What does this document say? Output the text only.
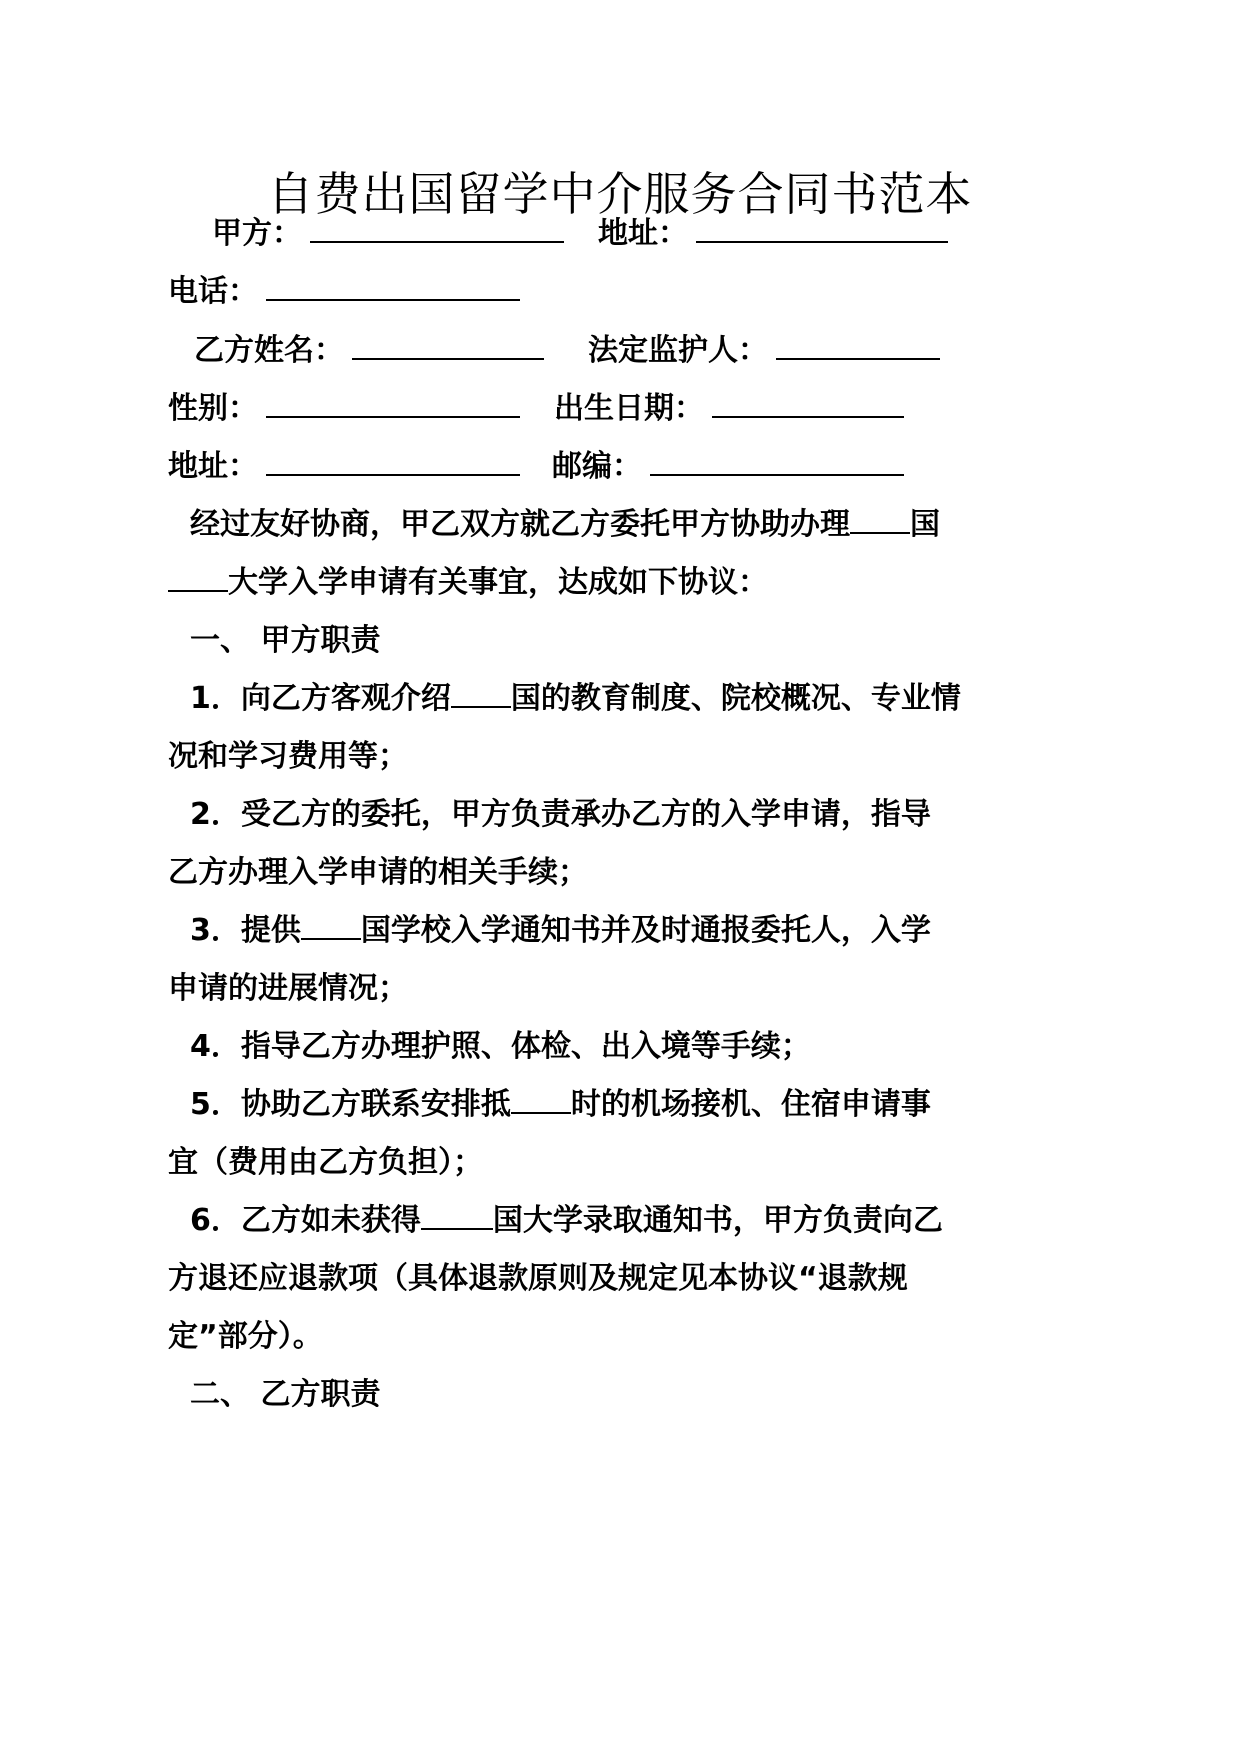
自费出国留学中介服务合同书范本
甲方：	地址：
电话：
乙方姓名：	法定监护人：
性别：	出生日期：
地址：	邮编：
经过友好协商，甲乙双方就乙方委托甲方协助办理 国
大学入学申请有关事宜，达成如下协议：
一、 甲方职责
1．向乙方客观介绍 国的教育制度、院校概况、专业情
况和学习费用等；
2．受乙方的委托，甲方负责承办乙方的入学申请，指导
乙方办理入学申请的相关手续；
3．提供 国学校入学通知书并及时通报委托人，入学
申请的进展情况；
4．指导乙方办理护照、体检、出入境等手续；
5．协助乙方联系安排抵 时的机场接机、住宿申请事
宜（费用由乙方负担）；
6．乙方如未获得 国大学录取通知书，甲方负责向乙
方退还应退款项（具体退款原则及规定见本协议“退款规
定”部分）。
二、 乙方职责
